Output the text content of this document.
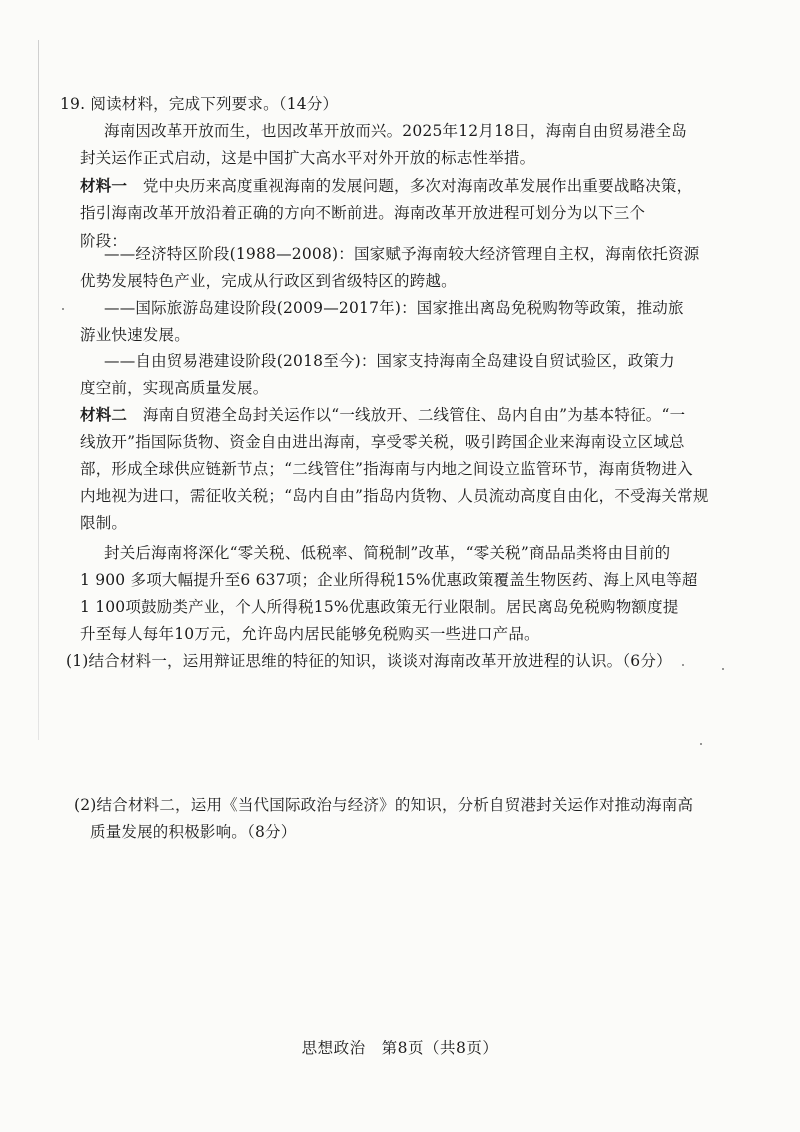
19. 阅读材料，完成下列要求。（14分）
海南因改革开放而生，也因改革开放而兴。2025年12月18日，海南自由贸易港全岛
封关运作正式启动，这是中国扩大高水平对外开放的标志性举措。
材料一　 党中央历来高度重视海南的发展问题，多次对海南改革发展作出重要战略决策，
指引海南改革开放沿着正确的方向不断前进。海南改革开放进程可划分为以下三个
阶段：
——经济特区阶段(1988—2008)：国家赋予海南较大经济管理自主权，海南依托资源
优势发展特色产业，完成从行政区到省级特区的跨越。
——国际旅游岛建设阶段(2009—2017年)：国家推出离岛免税购物等政策，推动旅
游业快速发展。
——自由贸易港建设阶段(2018至今)：国家支持海南全岛建设自贸试验区，政策力
度空前，实现高质量发展。
材料二　 海南自贸港全岛封关运作以“一线放开、二线管住、岛内自由”为基本特征。“一
线放开”指国际货物、资金自由进出海南，享受零关税，吸引跨国企业来海南设立区域总
部，形成全球供应链新节点；“二线管住”指海南与内地之间设立监管环节，海南货物进入
内地视为进口，需征收关税；“岛内自由”指岛内货物、人员流动高度自由化，不受海关常规
限制。
封关后海南将深化“零关税、低税率、简税制”改革，“零关税”商品品类将由目前的
1 900 多项大幅提升至6 637项；企业所得税15%优惠政策覆盖生物医药、海上风电等超
1 100项鼓励类产业，个人所得税15%优惠政策无行业限制。居民离岛免税购物额度提
升至每人每年10万元，允许岛内居民能够免税购买一些进口产品。
(1)结合材料一，运用辩证思维的特征的知识，谈谈对海南改革开放进程的认识。（6分）
(2)结合材料二，运用《当代国际政治与经济》的知识，分析自贸港封关运作对推动海南高
质量发展的积极影响。（8分）
思想政治　第8页（共8页）
